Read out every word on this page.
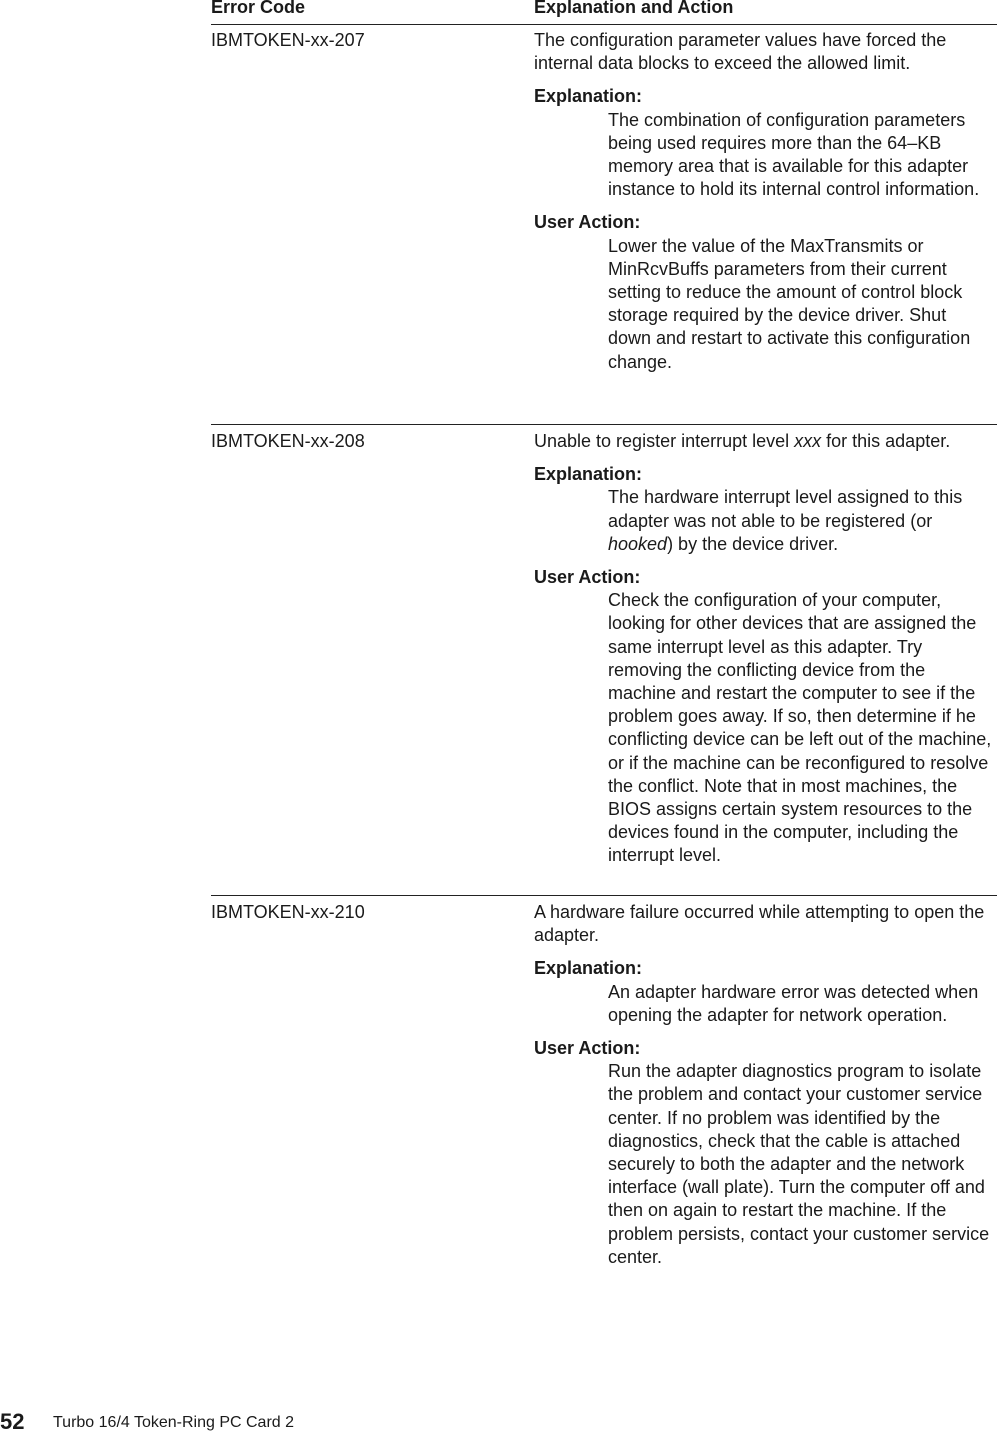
Error Code	Explanation and Action
IBMTOKEN-xx-207	The configuration parameter values have forced the internal data blocks to exceed the allowed limit.

Explanation:

The combination of configuration parameters being used requires more than the 64–KB memory area that is available for this adapter instance to hold its internal control information.

User Action:

Lower the value of the MaxTransmits or MinRcvBuffs parameters from their current setting to reduce the amount of control block storage required by the device driver. Shut down and restart to activate this configuration change.

IBMTOKEN-xx-208	Unable to register interrupt level xxx for this adapter.

Explanation:

The hardware interrupt level assigned to this adapter was not able to be registered (or hooked) by the device driver.

User Action:

Check the configuration of your computer, looking for other devices that are assigned the same interrupt level as this adapter. Try removing the conflicting device from the machine and restart the computer to see if the problem goes away. If so, then determine if he conflicting device can be left out of the machine, or if the machine can be reconfigured to resolve the conflict. Note that in most machines, the BIOS assigns certain system resources to the devices found in the computer, including the interrupt level.

IBMTOKEN-xx-210	A hardware failure occurred while attempting to open the adapter.

Explanation:

An adapter hardware error was detected when opening the adapter for network operation.

User Action:

Run the adapter diagnostics program to isolate the problem and contact your customer service center. If no problem was identified by the diagnostics, check that the cable is attached securely to both the adapter and the network interface (wall plate). Turn the computer off and then on again to restart the machine. If the problem persists, contact your customer service center.

52 Turbo 16/4 Token-Ring PC Card 2
